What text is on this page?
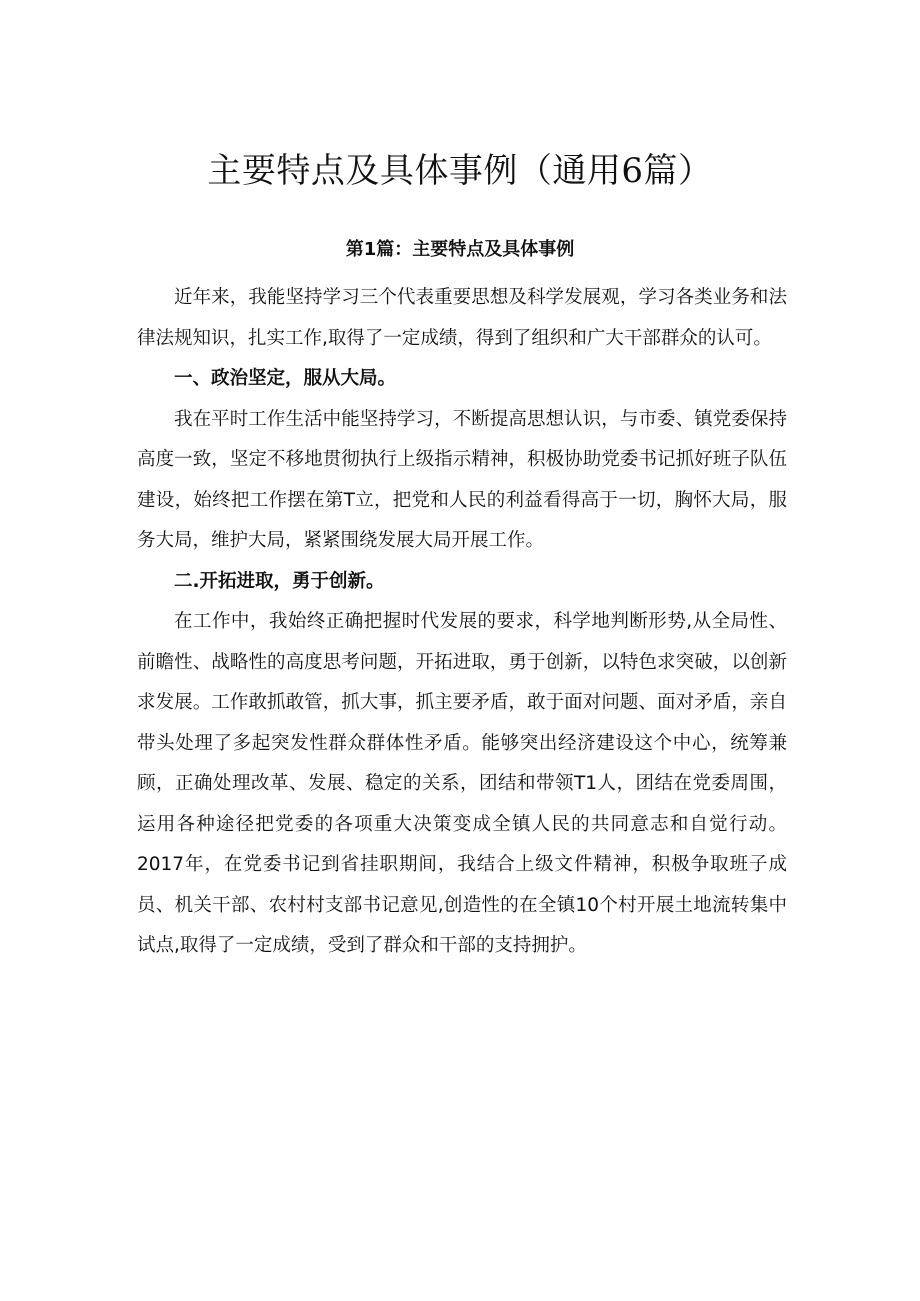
主要特点及具体事例（通用6篇）
第1篇：主要特点及具体事例

近年来，我能坚持学习三个代表重要思想及科学发展观，学习各类业务和法律法规知识，扎实工作,取得了一定成绩，得到了组织和广大干部群众的认可。

一、政治坚定，服从大局。

我在平时工作生活中能坚持学习，不断提高思想认识，与市委、镇党委保持高度一致，坚定不移地贯彻执行上级指示精神，积极协助党委书记抓好班子队伍建设，始终把工作摆在第T立，把党和人民的利益看得高于一切，胸怀大局，服务大局，维护大局，紧紧围绕发展大局开展工作。

二.开拓进取，勇于创新。

在工作中，我始终正确把握时代发展的要求，科学地判断形势,从全局性、前瞻性、战略性的高度思考问题，开拓进取，勇于创新，以特色求突破，以创新求发展。工作敢抓敢管，抓大事，抓主要矛盾，敢于面对问题、面对矛盾，亲自带头处理了多起突发性群众群体性矛盾。能够突出经济建设这个中心，统筹兼顾，正确处理改革、发展、稳定的关系，团结和带领T1人，团结在党委周围，运用各种途径把党委的各项重大决策变成全镇人民的共同意志和自觉行动。2017年，在党委书记到省挂职期间，我结合上级文件精神，积极争取班子成员、机关干部、农村村支部书记意见,创造性的在全镇10个村开展土地流转集中试点,取得了一定成绩，受到了群众和干部的支持拥护。
